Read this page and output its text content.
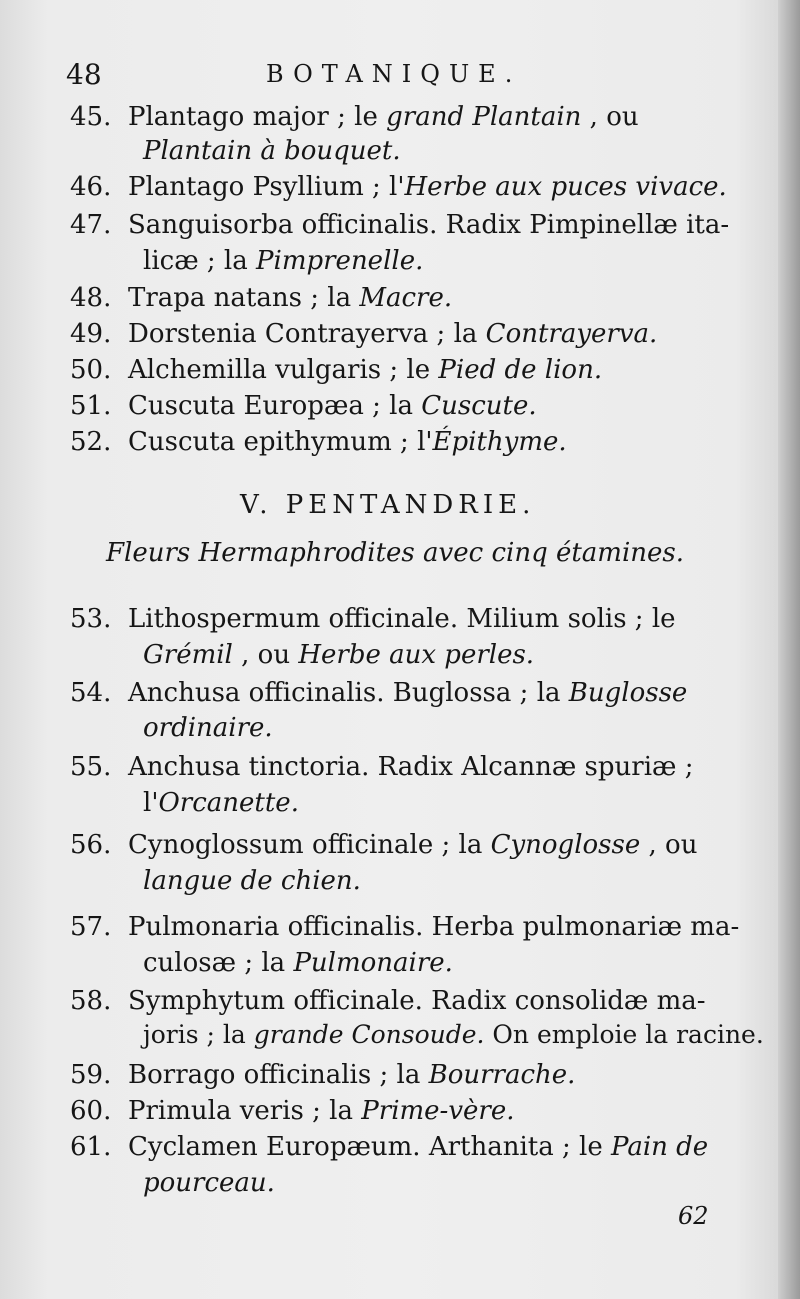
48	BOTANIQUE.
45. Plantago major ; le grand Plantain , ou
Plantain à bouquet.
46. Plantago Psyllium ; l'Herbe aux puces vivace.
47. Sanguisorba officinalis. Radix Pimpinellæ ita-
licæ ; la Pimprenelle.
48. Trapa natans ; la Macre.
49. Dorstenia Contrayerva ; la Contrayerva.
50. Alchemilla vulgaris ; le Pied de lion.
51. Cuscuta Europæa ; la Cuscute.
52. Cuscuta epithymum ; l'Épithyme.
V. PENTANDRIE.
Fleurs Hermaphrodites avec cinq étamines.
53. Lithospermum officinale. Milium solis ; le
Grémil , ou Herbe aux perles.
54. Anchusa officinalis. Buglossa ; la Buglosse
ordinaire.
55. Anchusa tinctoria. Radix Alcannæ spuriæ ;
l'Orcanette.
56. Cynoglossum officinale ; la Cynoglosse , ou
langue de chien.
57. Pulmonaria officinalis. Herba pulmonariæ ma-
culosæ ; la Pulmonaire.
58. Symphytum officinale. Radix consolidæ ma-
joris ; la grande Consoude. On emploie la racine.
59. Borrago officinalis ; la Bourrache.
60. Primula veris ; la Prime-vère.
61. Cyclamen Europæum. Arthanita ; le Pain de
pourceau.
62
